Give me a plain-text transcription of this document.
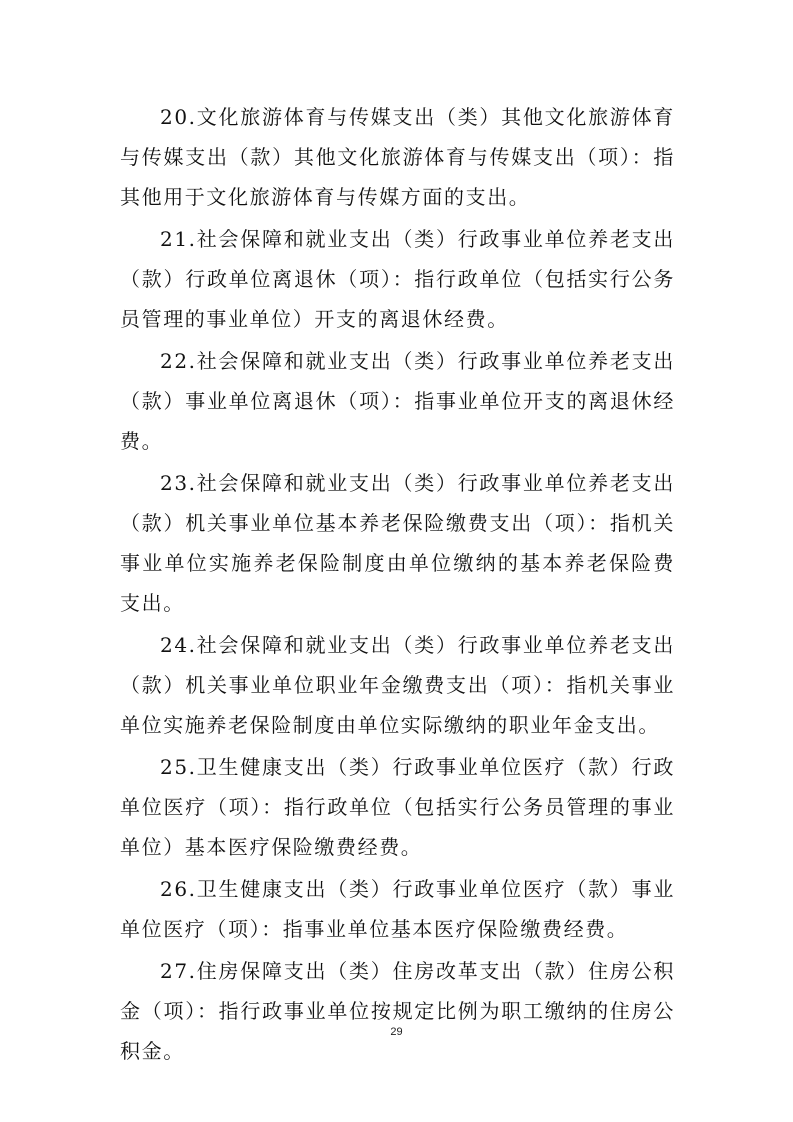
20.文化旅游体育与传媒支出（类）其他文化旅游体育与传媒支出（款）其他文化旅游体育与传媒支出（项）：指其他用于文化旅游体育与传媒方面的支出。

21.社会保障和就业支出（类）行政事业单位养老支出（款）行政单位离退休（项）：指行政单位（包括实行公务员管理的事业单位）开支的离退休经费。

22.社会保障和就业支出（类）行政事业单位养老支出（款）事业单位离退休（项）：指事业单位开支的离退休经费。

23.社会保障和就业支出（类）行政事业单位养老支出（款）机关事业单位基本养老保险缴费支出（项）：指机关事业单位实施养老保险制度由单位缴纳的基本养老保险费支出。

24.社会保障和就业支出（类）行政事业单位养老支出（款）机关事业单位职业年金缴费支出（项）：指机关事业单位实施养老保险制度由单位实际缴纳的职业年金支出。

25.卫生健康支出（类）行政事业单位医疗（款）行政单位医疗（项）：指行政单位（包括实行公务员管理的事业单位）基本医疗保险缴费经费。

26.卫生健康支出（类）行政事业单位医疗（款）事业单位医疗（项）：指事业单位基本医疗保险缴费经费。

27.住房保障支出（类）住房改革支出（款）住房公积金（项）：指行政事业单位按规定比例为职工缴纳的住房公积金。

29
